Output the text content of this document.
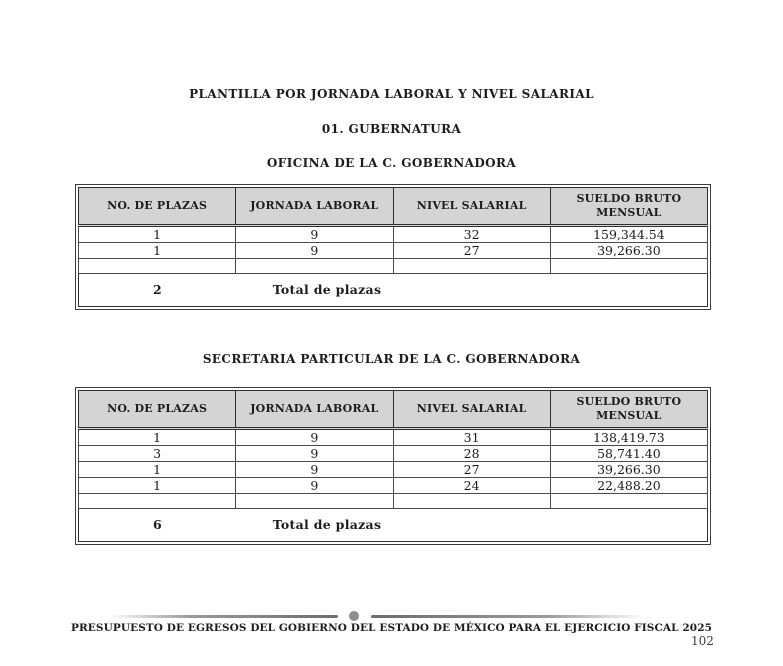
PLANTILLA POR JORNADA LABORAL Y NIVEL SALARIAL
01. GUBERNATURA
OFICINA DE LA C. GOBERNADORA
NO. DE PLAZAS	JORNADA LABORAL	NIVEL SALARIAL	SUELDO BRUTO MENSUAL
1	9	32	159,344.54
1	9	27	39,266.30

2	Total de plazas		
SECRETARIA PARTICULAR DE LA C. GOBERNADORA
NO. DE PLAZAS	JORNADA LABORAL	NIVEL SALARIAL	SUELDO BRUTO MENSUAL
1	9	31	138,419.73
3	9	28	58,741.40
1	9	27	39,266.30
1	9	24	22,488.20

6	Total de plazas		
PRESUPUESTO DE EGRESOS DEL GOBIERNO DEL ESTADO DE MÉXICO PARA EL EJERCICIO FISCAL 2025
102
